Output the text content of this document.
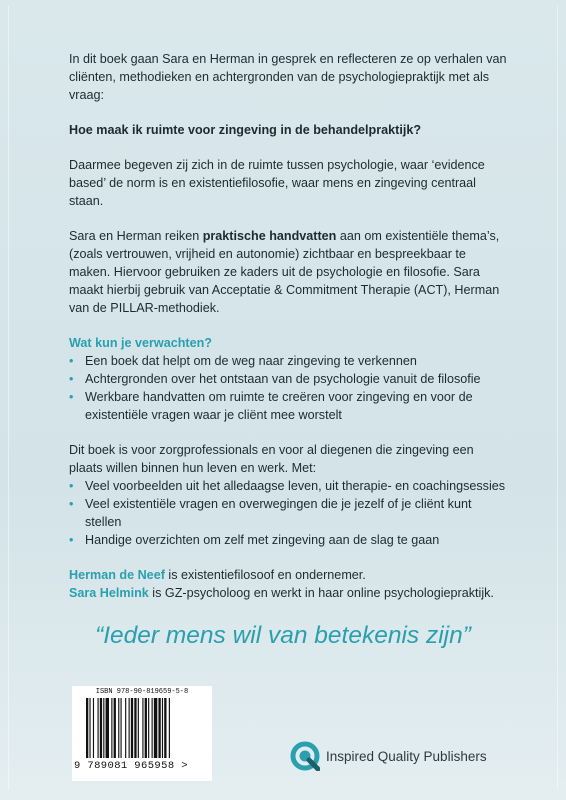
In dit boek gaan Sara en Herman in gesprek en reflecteren ze op verhalen van cliënten, methodieken en achtergronden van de psychologiepraktijk met als vraag:

Hoe maak ik ruimte voor zingeving in de behandelpraktijk?

Daarmee begeven zij zich in de ruimte tussen psychologie, waar ‘evidence based’ de norm is en existentiefilosofie, waar mens en zingeving centraal staan.

Sara en Herman reiken praktische handvatten aan om existentiële thema’s, (zoals vertrouwen, vrijheid en autonomie) zichtbaar en bespreekbaar te maken. Hiervoor gebruiken ze kaders uit de psychologie en filosofie. Sara maakt hierbij gebruik van Acceptatie & Commitment Therapie (ACT), Herman van de PILLAR-methodiek.

Wat kun je verwachten?

• Een boek dat helpt om de weg naar zingeving te verkennen
• Achtergronden over het ontstaan van de psychologie vanuit de filosofie
• Werkbare handvatten om ruimte te creëren voor zingeving en voor de existentiële vragen waar je cliënt mee worstelt

Dit boek is voor zorgprofessionals en voor al diegenen die zingeving een plaats willen binnen hun leven en werk. Met:

• Veel voorbeelden uit het alledaagse leven, uit therapie- en coachingsessies
• Veel existentiële vragen en overwegingen die je jezelf of je cliënt kunt stellen
• Handige overzichten om zelf met zingeving aan de slag te gaan

Herman de Neef is existentiefilosoof en ondernemer.

Sara Helmink is GZ-psycholoog en werkt in haar online psychologiepraktijk.

“Ieder mens wil van betekenis zijn”
ISBN 978-90-819659-5-8
9 789081 965958 >
Inspired Quality Publishers
